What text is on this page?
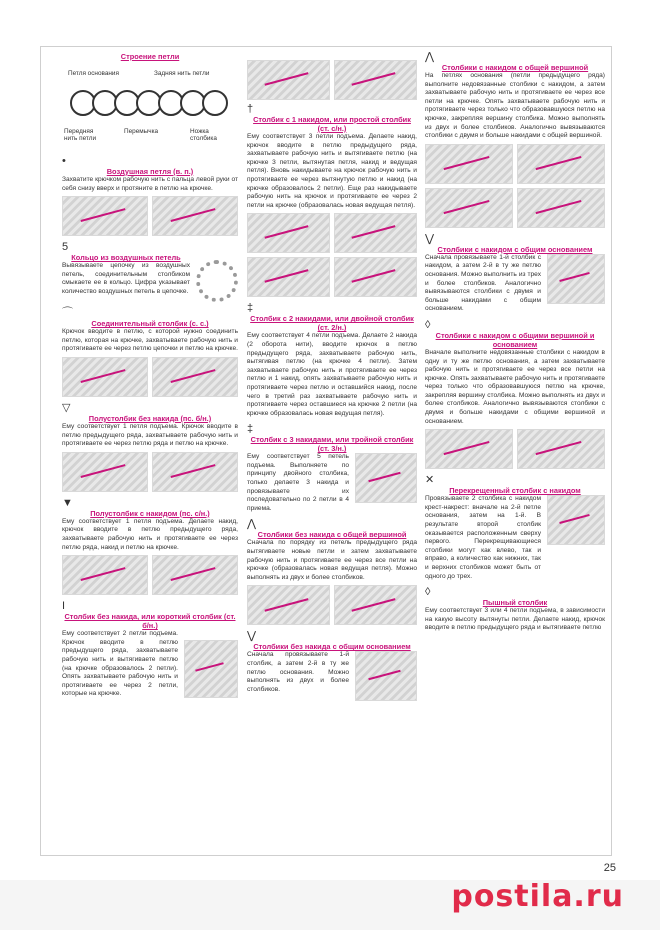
Строение петли
Петля основания	Задняя нить петли
Передняя нить петли
Перемычка	Ножка столбика
•
Воздушная петля (в. п.)

Захватите крючком рабочую нить с пальца левой руки от себя снизу вверх и протяните в петлю на крючке.

5
Кольцо из воздушных петель

Вывязываете цепочку из воздушных петель, соединительным столбиком смыкаете ее в кольцо. Цифра указывает количество воздушных петель в цепочке.

⌒
Соединительный столбик (с. с.)

Крючок вводите в петлю, с которой нужно соединить петлю, которая на крючке, захватываете рабочую нить и протягиваете ее через петлю цепочки и петлю на крючке.

▽
Полустолбик без накида (пс. б/н.)

Ему соответствует 1 петля подъема. Крючок вводите в петлю предыдущего ряда, захватываете рабочую нить и протягиваете ее через петлю ряда и петлю на крючке.

▼
Полустолбик с накидом (пс. с/н.)

Ему соответствует 1 петля подъема. Делаете накид, крючок вводите в петлю предыдущего ряда, захватываете рабочую нить и протягиваете ее через петлю ряда, накид и петлю на крючке.

I
Столбик без накида, или короткий столбик (ст. б/н.)

Ему соответствует 2 петли подъема. Крючок вводите в петлю предыдущего ряда, захватываете рабочую нить и вытягиваете петлю (на крючке образовалось 2 петли). Опять захватываете рабочую нить и протягиваете ее через 2 петли, которые на крючке.

†
Столбик с 1 накидом, или простой столбик (ст. с/н.)

Ему соответствует 3 петли подъема. Делаете накид, крючок вводите в петлю предыдущего ряда, захватываете рабочую нить и вытягиваете петлю (на крючке 3 петли, вытянутая петля, накид и ведущая петля). Вновь накидываете на крючок рабочую нить и протягиваете ее через вытянутую петлю и накид (на крючке образовалось 2 петли). Еще раз накидываете рабочую нить на крючок и протягиваете ее через 2 петли на крючке (образовалась новая ведущая петля).

‡
Столбик с 2 накидами, или двойной столбик (ст. 2/н.)

Ему соответствует 4 петли подъема. Делаете 2 накида (2 оборота нити), вводите крючок в петлю предыдущего ряда, захватываете рабочую нить, вытягивая петлю (на крючке 4 петли). Затем захватываете рабочую нить и протягиваете ее через петлю и 1 накид, опять захватываете рабочую нить и протягиваете через петлю и оставшийся накид, после чего в третий раз захватываете рабочую нить и протягиваете через оставшиеся на крючке 2 петли (на крючке образовалась новая ведущая петля).

‡
Столбик с 3 накидами, или тройной столбик (ст. 3/н.)

Ему соответствует 5 петель подъема. Выполняете по принципу двойного столбика, только делаете 3 накида и провязываете их последовательно по 2 петли в 4 приема.

⋀
Столбики без накида с общей вершиной

Сначала по порядку из петель предыдущего ряда вытягиваете новые петли и затем захватываете рабочую нить и протягиваете ее через все петли на крючке (образовалась новая ведущая петля). Можно выполнять из двух и более столбиков.

⋁
Столбики без накида с общим основанием

Сначала провязываете 1-й столбик, а затем 2-й в ту же петлю основания. Можно выполнять из двух и более столбиков.

⋀
Столбики с накидом с общей вершиной

На петлях основания (петли предыдущего ряда) выполните недовязанные столбики с накидом, а затем захватываете рабочую нить и протягиваете ее через все петли на крючке. Опять захватываете рабочую нить и протягиваете через только что образовавшуюся петлю на крючке, закрепляя вершину столбика. Можно выполнять из двух и более столбиков. Аналогично вывязываются столбики с двумя и больше накидами с общей вершиной.

⋁
Столбики с накидом с общим основанием

Сначала провязываете 1-й столбик с накидом, а затем 2-й в ту же петлю основания. Можно выполнить из трех и более столбиков. Аналогично вывязываются столбики с двумя и больше накидами с общим основанием.

◊
Столбики с накидом с общими вершиной и основанием

Вначале выполните недовязанные столбики с накидом в одну и ту же петлю основания, а затем захватываете рабочую нить и протягиваете ее через все петли на крючке. Опять захватываете рабочую нить и протягиваете через только что образовавшуюся петлю на крючке, закрепляя вершину столбика. Можно выполнять из двух и более столбиков. Аналогично вывязываются столбики с двумя и больше накидами с общими вершиной и основанием.

✕
Перекрещенный столбик с накидом

Провязываете 2 столбика с накидом крест-накрест: вначале на 2-й петле основания, затем на 1-й. В результате второй столбик оказывается расположенным сверху первого. Перекрещивающиеся столбики могут как влево, так и вправо, а количество как нижних, так и верхних столбиков может быть от одного до трех.

◊
Пышный столбик

Ему соответствует 3 или 4 петли подъема, в зависимости на какую высоту вытянуты петли. Делаете накид, крючок вводите в петлю предыдущего ряда и вытягиваете петлю

25
postila.ru
